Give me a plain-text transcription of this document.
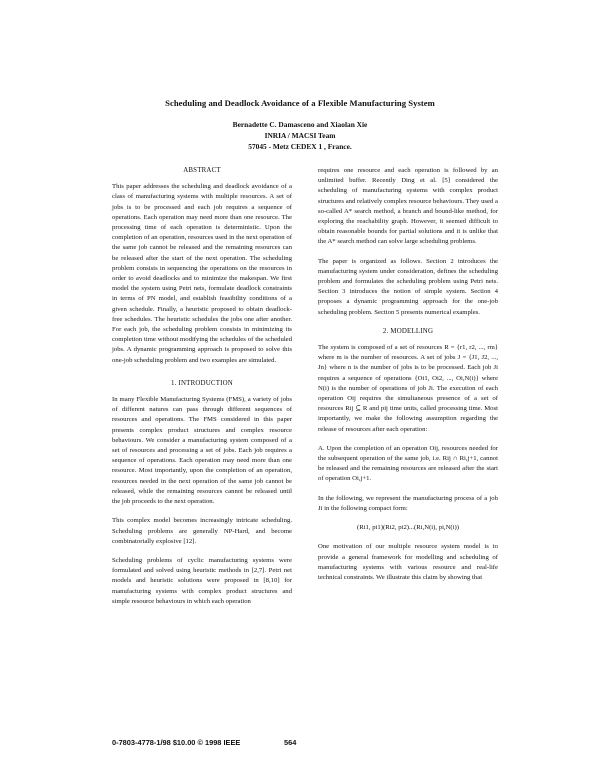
Scheduling and Deadlock Avoidance of a Flexible Manufacturing System
Bernadette C. Damasceno and Xiaolan Xie
INRIA / MACSI Team
57045 - Metz CEDEX 1 , France.
ABSTRACT

This paper addresses the scheduling and deadlock avoidance of a class of manufacturing systems with multiple resources. A set of jobs is to be processed and each job requires a sequence of operations. Each operation may need more than one resource. The processing time of each operation is deterministic. Upon the completion of an operation, resources used in the next operation of the same job cannot be released and the remaining resources can be released after the start of the next operation. The scheduling problem consists in sequencing the operations on the resources in order to avoid deadlocks and to minimize the makespan. We first model the system using Petri nets, formulate deadlock constraints in terms of PN model, and establish feasibility conditions of a given schedule. Finally, a heuristic proposed to obtain deadlock-free schedules. The heuristic schedules the jobs one after another. For each job, the scheduling problem consists in minimizing its completion time without modifying the schedules of the scheduled jobs. A dynamic programming approach is proposed to solve this one-job scheduling problem and two examples are simulated.

1. INTRODUCTION

In many Flexible Manufacturing Systems (FMS), a variety of jobs of different natures can pass through different sequences of resources and operations. The FMS considered in this paper presents complex product structures and complex resource behaviours. We consider a manufacturing system composed of a set of resources and processing a set of jobs. Each job requires a sequence of operations. Each operation may need more than one resource. Most importantly, upon the completion of an operation, resources needed in the next operation of the same job cannot be released, while the remaining resources cannot be released until the job proceeds to the next operation.

This complex model becomes increasingly intricate scheduling. Scheduling problems are generally NP-Hard, and become combinatorially explosive [12].

Scheduling problems of cyclic manufacturing systems were formulated and solved using heuristic methods in [2,7]. Petri net models and heuristic solutions were proposed in [8,10] for manufacturing systems with complex product structures and simple resource behaviours in which each operation

requires one resource and each operation is followed by an unlimited buffer. Recently Ding et al. [5] considered the scheduling of manufacturing systems with complex product structures and relatively complex resource behaviours. They used a so-called A* search method, a branch and bound-like method, for exploring the reachability graph. However, it seemed difficult to obtain reasonable bounds for partial solutions and it is unlike that the A* search method can solve large scheduling problems.

The paper is organized as follows. Section 2 introduces the manufacturing system under consideration, defines the scheduling problem and formulates the scheduling problem using Petri nets. Section 3 introduces the notion of simple system. Section 4 proposes a dynamic programming approach for the one-job scheduling problem. Section 5 presents numerical examples.

2. MODELLING

The system is composed of a set of resources R = {r1, r2, ..., rm} where m is the number of resources. A set of jobs J = {J1, J2, ..., Jn} where n is the number of jobs is to be processed. Each job Ji requires a sequence of operations {Oi1, Oi2, ..., Oi,N(i)} where N(i) is the number of operations of job Ji. The execution of each operation Oij requires the simultaneous presence of a set of resources Rij ⊆ R and pij time units, called processing time. Most importantly, we make the following assumption regarding the release of resources after each operation:

A. Upon the completion of an operation Oij, resources needed for the subsequent operation of the same job, i.e. Rij ∩ Ri,j+1, cannot be released and the remaining resources are released after the start of operation Oi,j+1.

In the following, we represent the manufacturing process of a job Ji in the following compact form:

(Ri1, pi1)(Ri2, pi2)...(Ri,N(i), pi,N(i))

One motivation of our multiple resource system model is to provide a general framework for modelling and scheduling of manufacturing systems with various resource and real-life technical constraints. We illustrate this claim by showing that

0-7803-4778-1/98 $10.00 © 1998 IEEE	564
